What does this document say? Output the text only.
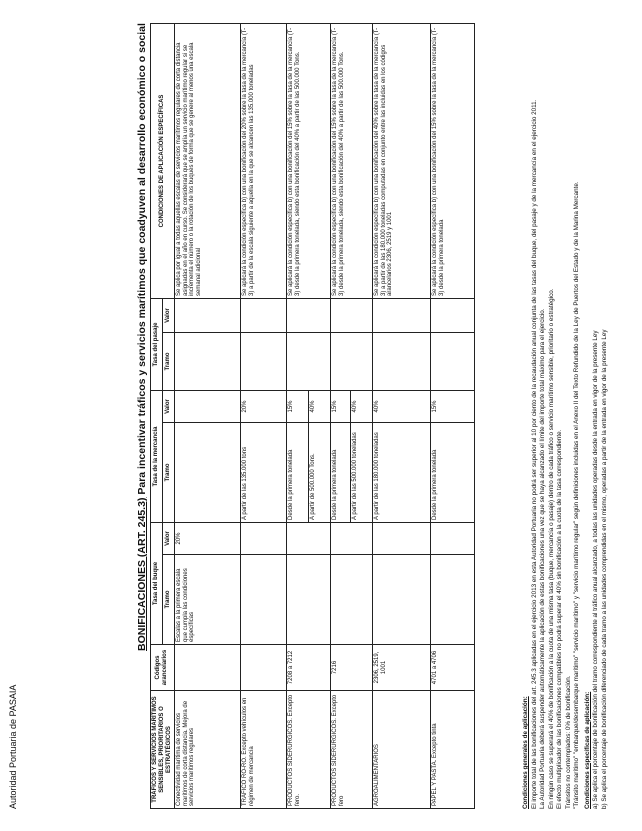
Autoridad Portuaria de PASAIA
BONIFICACIONES (ART. 245.3) Para incentivar tráficos y servicios marítimos que coadyuven al desarrollo económico o social
TRÁFICOS Y SERVICIOS MARÍTIMOS SENSIBLES, PRIORITARIOS O ESTRATÉGICOS	Códigos arancelarios	Tasa del buque		Tasa de la mercancía		Tasa del pasaje		CONDICIONES DE APLICACIÓN ESPECÍFICAS
		Tramo	Valor	Tramo	Valor	Tramo	Valor	
Conectividad marítima de servicios marítimos de corta distancia. Mejora de servicios marítimos regulares		Escalas a la primera escala que cumpla las condiciones específicas	20%					Se aplica por igual a todas aquellas escalas de servicios marítimos regulares de corta distancia asignadas en el año en curso. Se considerará que se amplía un servicio marítimo regular si se incrementa el número o la rotación de los buques de forma que se genere al menos una escala semanal adicional
TRÁFICO RO-RO. Excepto vehículos en régimen de mercancía				A partir de las 135.000 tons	20%			Se aplicará la condición específica b) con una bonificación del 20% sobre la tasa de la mercancía (T-3) a partir de la escala siguiente a aquella en la que se alcancen las 135.000 toneladas
PRODUCTOS SIDERÚRGICOS. Excepto fero.	7208 a 7212			Desde la primera tonelada	15%			Se aplicará la condición específica b) con una bonificación del 15% sobre la tasa de la mercancía (T-3) desde la primera tonelada, siendo esta bonificación del 40% a partir de las 500.000 Tons.
				A partir de 500.000 Tons.	40%			
PRODUCTOS SIDERÚRGICOS. Excepto fero	7216			Desde la primera tonelada	15%			Se aplicará la condición específica b) con una bonificación del 15% sobre la tasa de la mercancía (T-3) desde la primera tonelada, siendo esta bonificación del 40% a partir de las 500.000 Tons.
				A partir de las 500.000 toneladas	40%			
AGROALIMENTARIOS	2306, 2519, 1001			A partir de las 180.000 toneladas	40%			Se aplicará la condición específica b) con una bonificación del 40% sobre la tasa de la mercancía (T-3) a partir de las 180.000 toneladas computadas en conjunto entre las incluidas en los códigos arancelarios 2306, 2519 y 1001
PAPEL Y PASTA. Excepto tinta	4701 a 4706			Desde la primera tonelada	15%			Se aplicará la condición específica b) con una bonificación del 15% sobre la tasa de la mercancía (T-3) desde la primera tonelada
Condiciones generales de aplicación: El importe total de las bonificaciones del art. 245.3 aplicadas en el ejercicio 2013 en esta Autoridad Portuaria no podrá ser superior al 10 por ciento de la recaudación anual conjunta de las tasas del buque, del pasaje y de la mercancía en el ejercicio 2011. La Autoridad Portuaria deberá suspender automáticamente la aplicación de estas bonificaciones una vez que se haya alcanzado el límite del importe total máximo para el ejercicio. En ningún caso se superará el 40% de bonificación a la cuota de una misma tasa (buque, mercancía o pasaje) dentro de cada tráfico o servicio marítimo sensible, prioritario o estratégico. El efecto multiplicador de las bonificaciones compatibles no podrá superar el 40% sin bonificación a la cuota de la tasa correspondiente. Tránsitos no contemplados: 0% de bonificación. "Tránsito marítimo" "embarque/desembarque marítimo" "servicio marítimo" y "servicio marítimo regular" según definiciones incluidas en el Anexo II del Texto Refundido de la Ley de Puertos del Estado y de la Marina Mercante. Condiciones específicas de aplicación: a) Se aplica el porcentaje de bonificación del tramo correspondiente al tráfico anual alcanzado, a todas las unidades operadas desde la entrada en vigor de la presente Ley b) Se aplica el porcentaje de bonificación diferenciado de cada tramo a las unidades comprendidas en el mismo, operadas a partir de la entrada en vigor de la presente Ley
